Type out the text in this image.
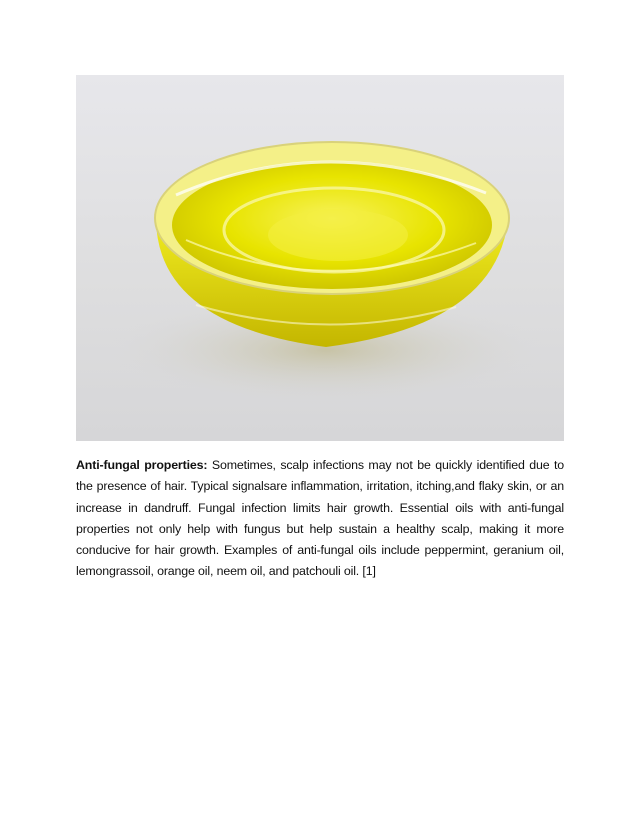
Anti-fungal properties: Sometimes, scalp infections may not be quickly identified due to the presence of hair. Typical signalsare inflammation, irritation, itching,and flaky skin, or an increase in dandruff. Fungal infection limits hair growth. Essential oils with anti-fungal properties not only help with fungus but help sustain a healthy scalp, making it more conducive for hair growth. Examples of anti-fungal oils include peppermint, geranium oil, lemongrassoil, orange oil, neem oil, and patchouli oil. [1]
